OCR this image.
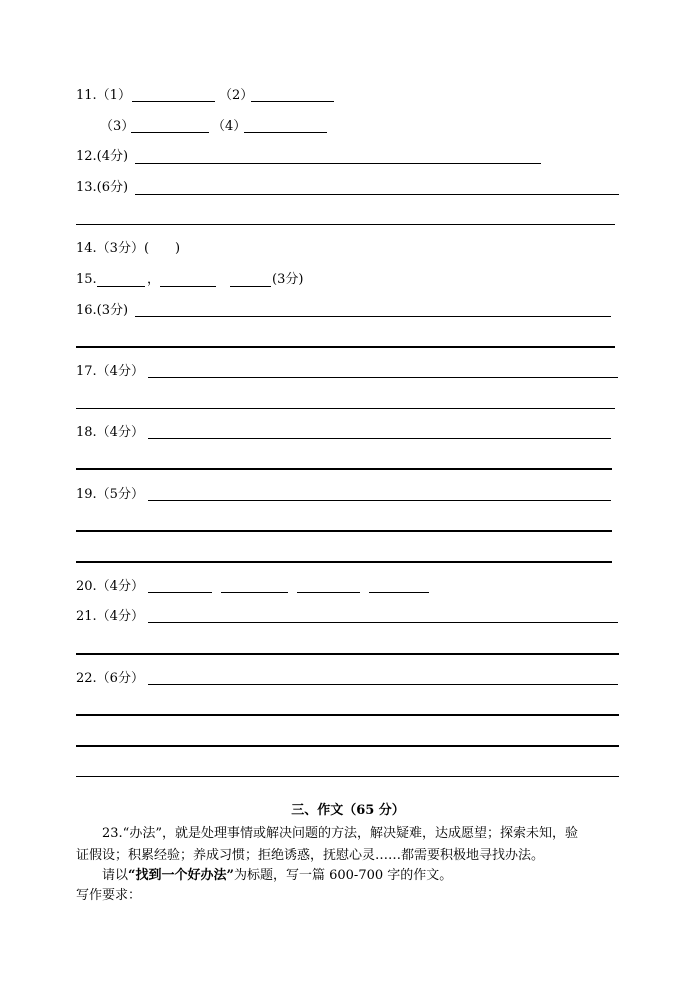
11.（1）	（2）
（3）	（4）
12.(4分)
13.(6分)
14.（3分）(　　)
15.	，	(3分)
16.(3分)
17.（4分）
18.（4分）
19.（5分）
20.（4分）
21.（4分）
22.（6分）
三、作文（65 分）
23.“办法”，就是处理事情或解决问题的方法，解决疑难，达成愿望；探索未知，验
证假设；积累经验；养成习惯；拒绝诱惑，抚慰心灵……都需要积极地寻找办法。
请以“找到一个好办法”为标题，写一篇 600-700 字的作文。
写作要求：
